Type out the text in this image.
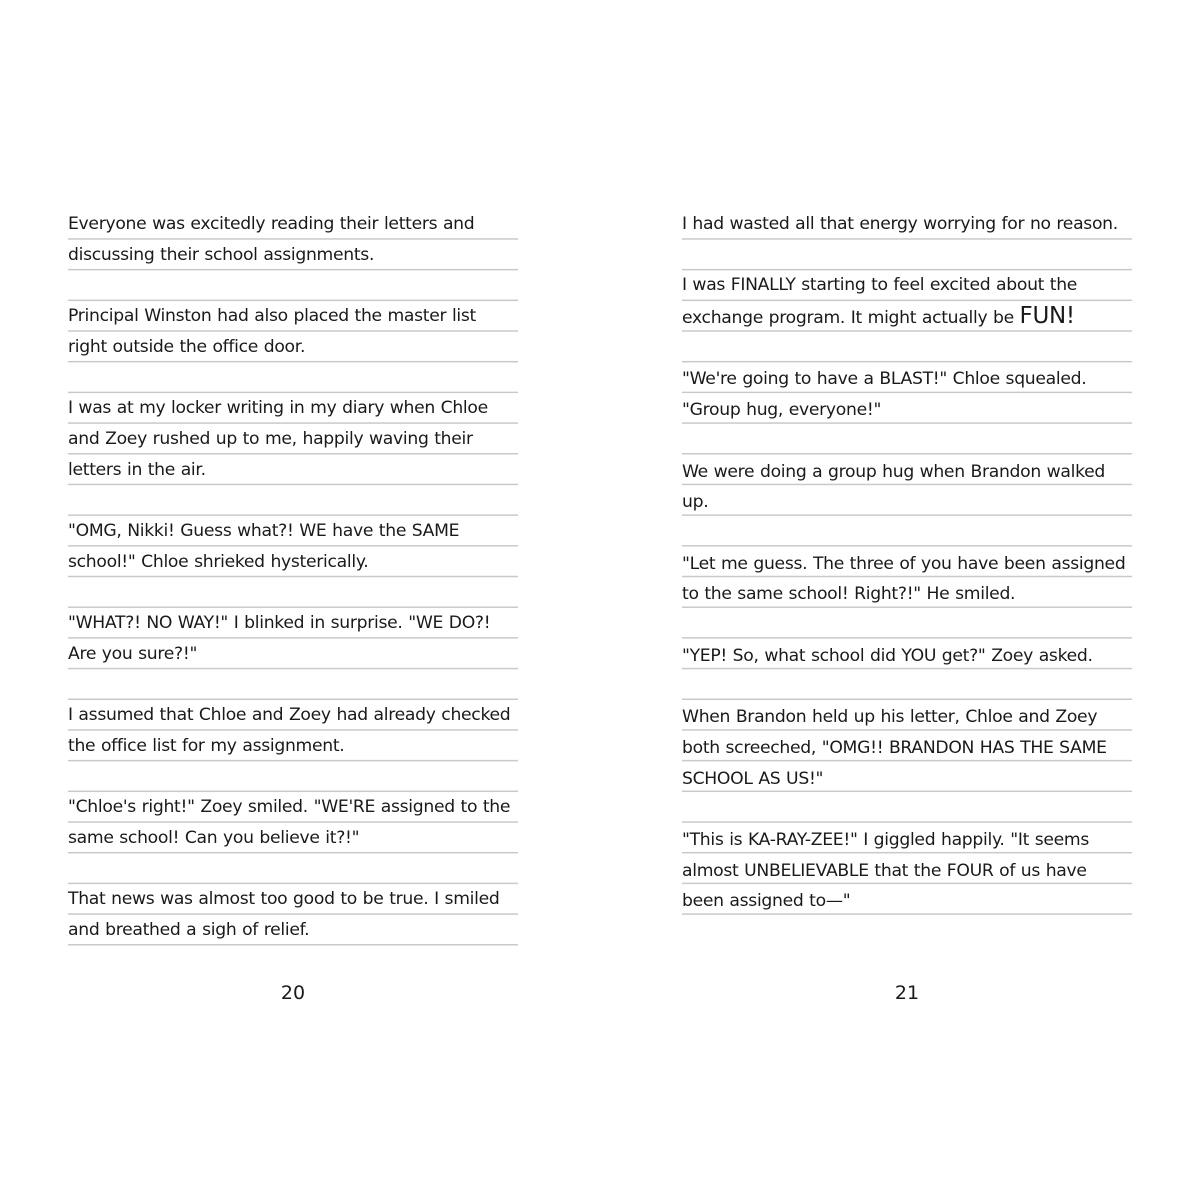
Everyone was excitedly reading their letters and discussing their school assignments.

Principal Winston had also placed the master list right outside the office door.

I was at my locker writing in my diary when Chloe and Zoey rushed up to me, happily waving their letters in the air.

"OMG, Nikki! Guess what?! WE have the SAME school!" Chloe shrieked hysterically.

"WHAT?! NO WAY!" I blinked in surprise. "WE DO?! Are you sure?!"

I assumed that Chloe and Zoey had already checked the office list for my assignment.

"Chloe's right!" Zoey smiled. "WE'RE assigned to the same school! Can you believe it?!"

That news was almost too good to be true. I smiled and breathed a sigh of relief.

20

I had wasted all that energy worrying for no reason.

I was FINALLY starting to feel excited about the exchange program. It might actually be FUN!

"We're going to have a BLAST!" Chloe squealed. "Group hug, everyone!"

We were doing a group hug when Brandon walked up.

"Let me guess. The three of you have been assigned to the same school! Right?!" He smiled.

"YEP! So, what school did YOU get?" Zoey asked.

When Brandon held up his letter, Chloe and Zoey both screeched, "OMG!! BRANDON HAS THE SAME SCHOOL AS US!"

"This is KA-RAY-ZEE!" I giggled happily. "It seems almost UNBELIEVABLE that the FOUR of us have been assigned to—"

21
